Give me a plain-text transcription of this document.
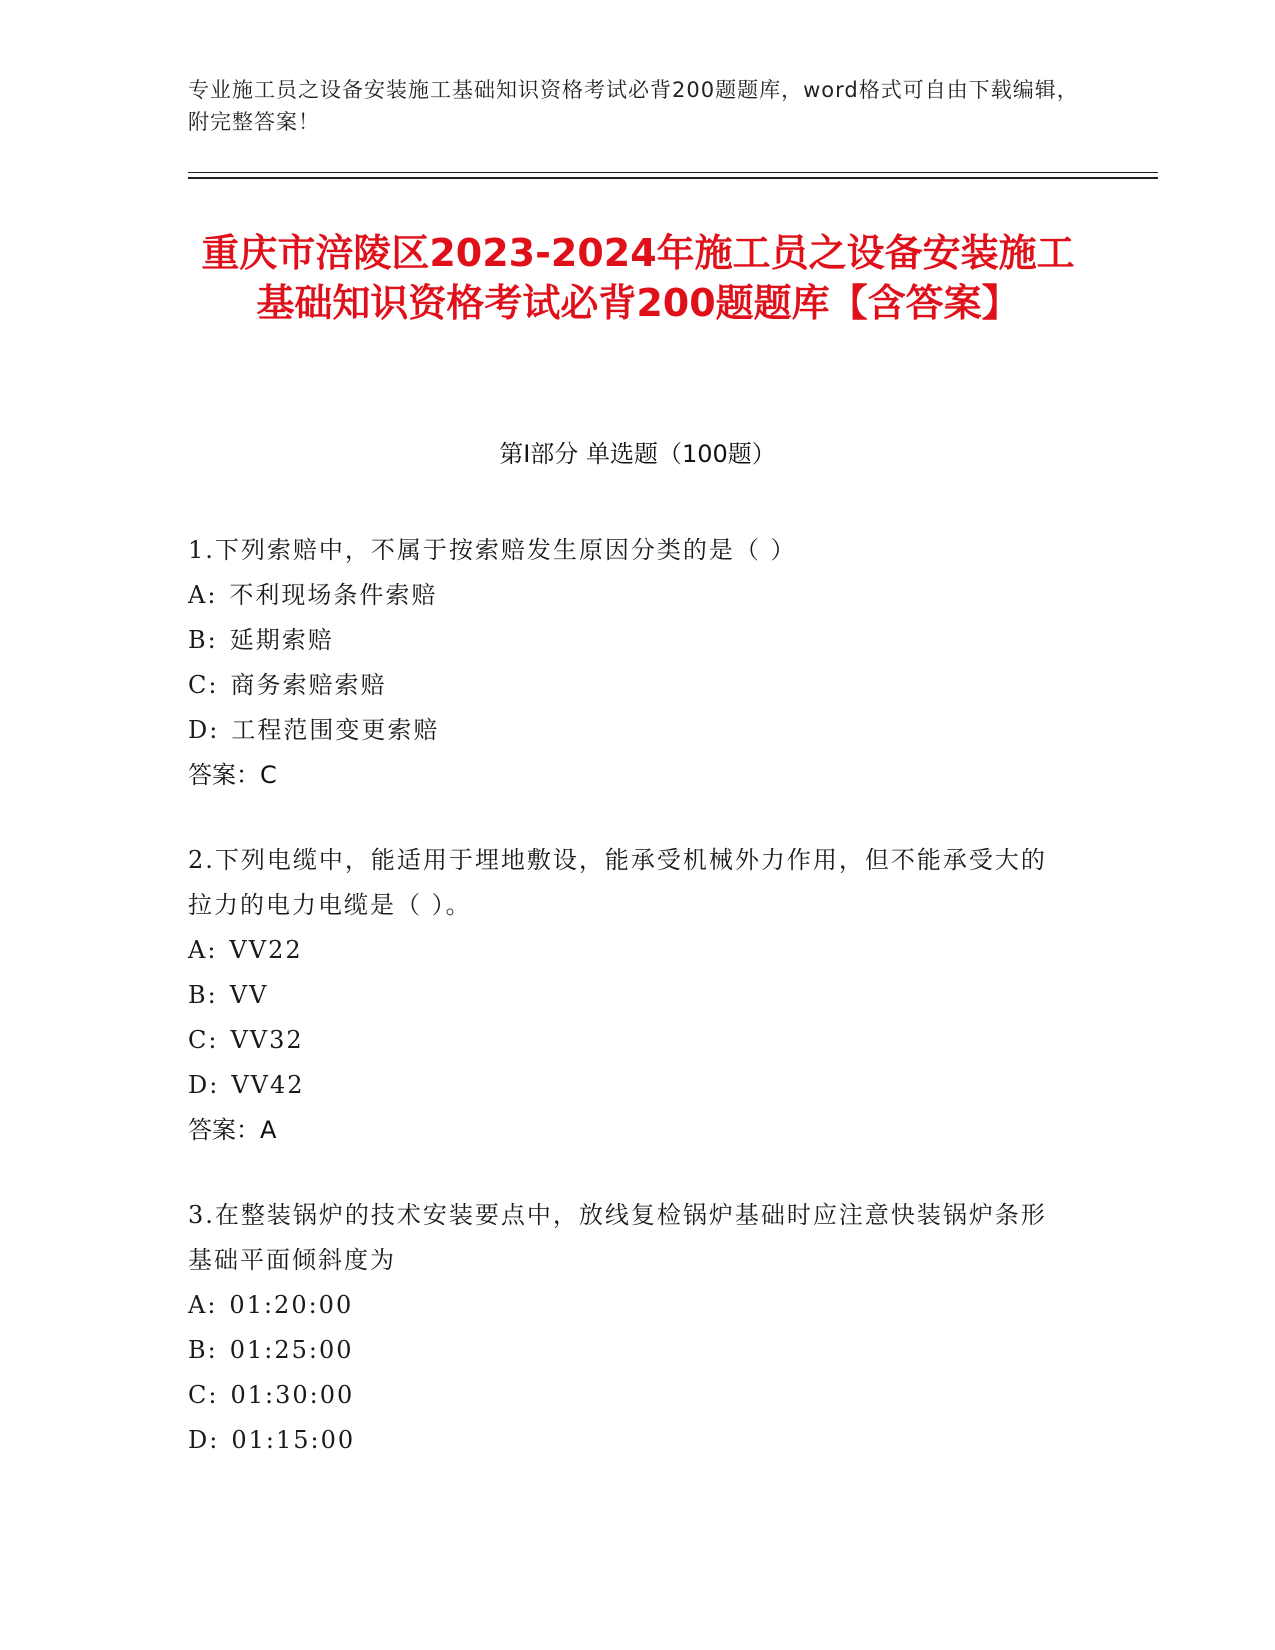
专业施工员之设备安装施工基础知识资格考试必背200题题库，word格式可自由下载编辑，附完整答案！
重庆市涪陵区2023-2024年施工员之设备安装施工基础知识资格考试必背200题题库【含答案】
第Ⅰ部分 单选题（100题）
1.下列索赔中，不属于按索赔发生原因分类的是（ ）
A: 不利现场条件索赔
B: 延期索赔
C: 商务索赔索赔
D: 工程范围变更索赔
答案：C
2.下列电缆中，能适用于埋地敷设，能承受机械外力作用，但不能承受大的拉力的电力电缆是（ ）。
A: VV22
B: VV
C: VV32
D: VV42
答案：A
3.在整装锅炉的技术安装要点中，放线复检锅炉基础时应注意快装锅炉条形基础平面倾斜度为
A: 01:20:00
B: 01:25:00
C: 01:30:00
D: 01:15:00
